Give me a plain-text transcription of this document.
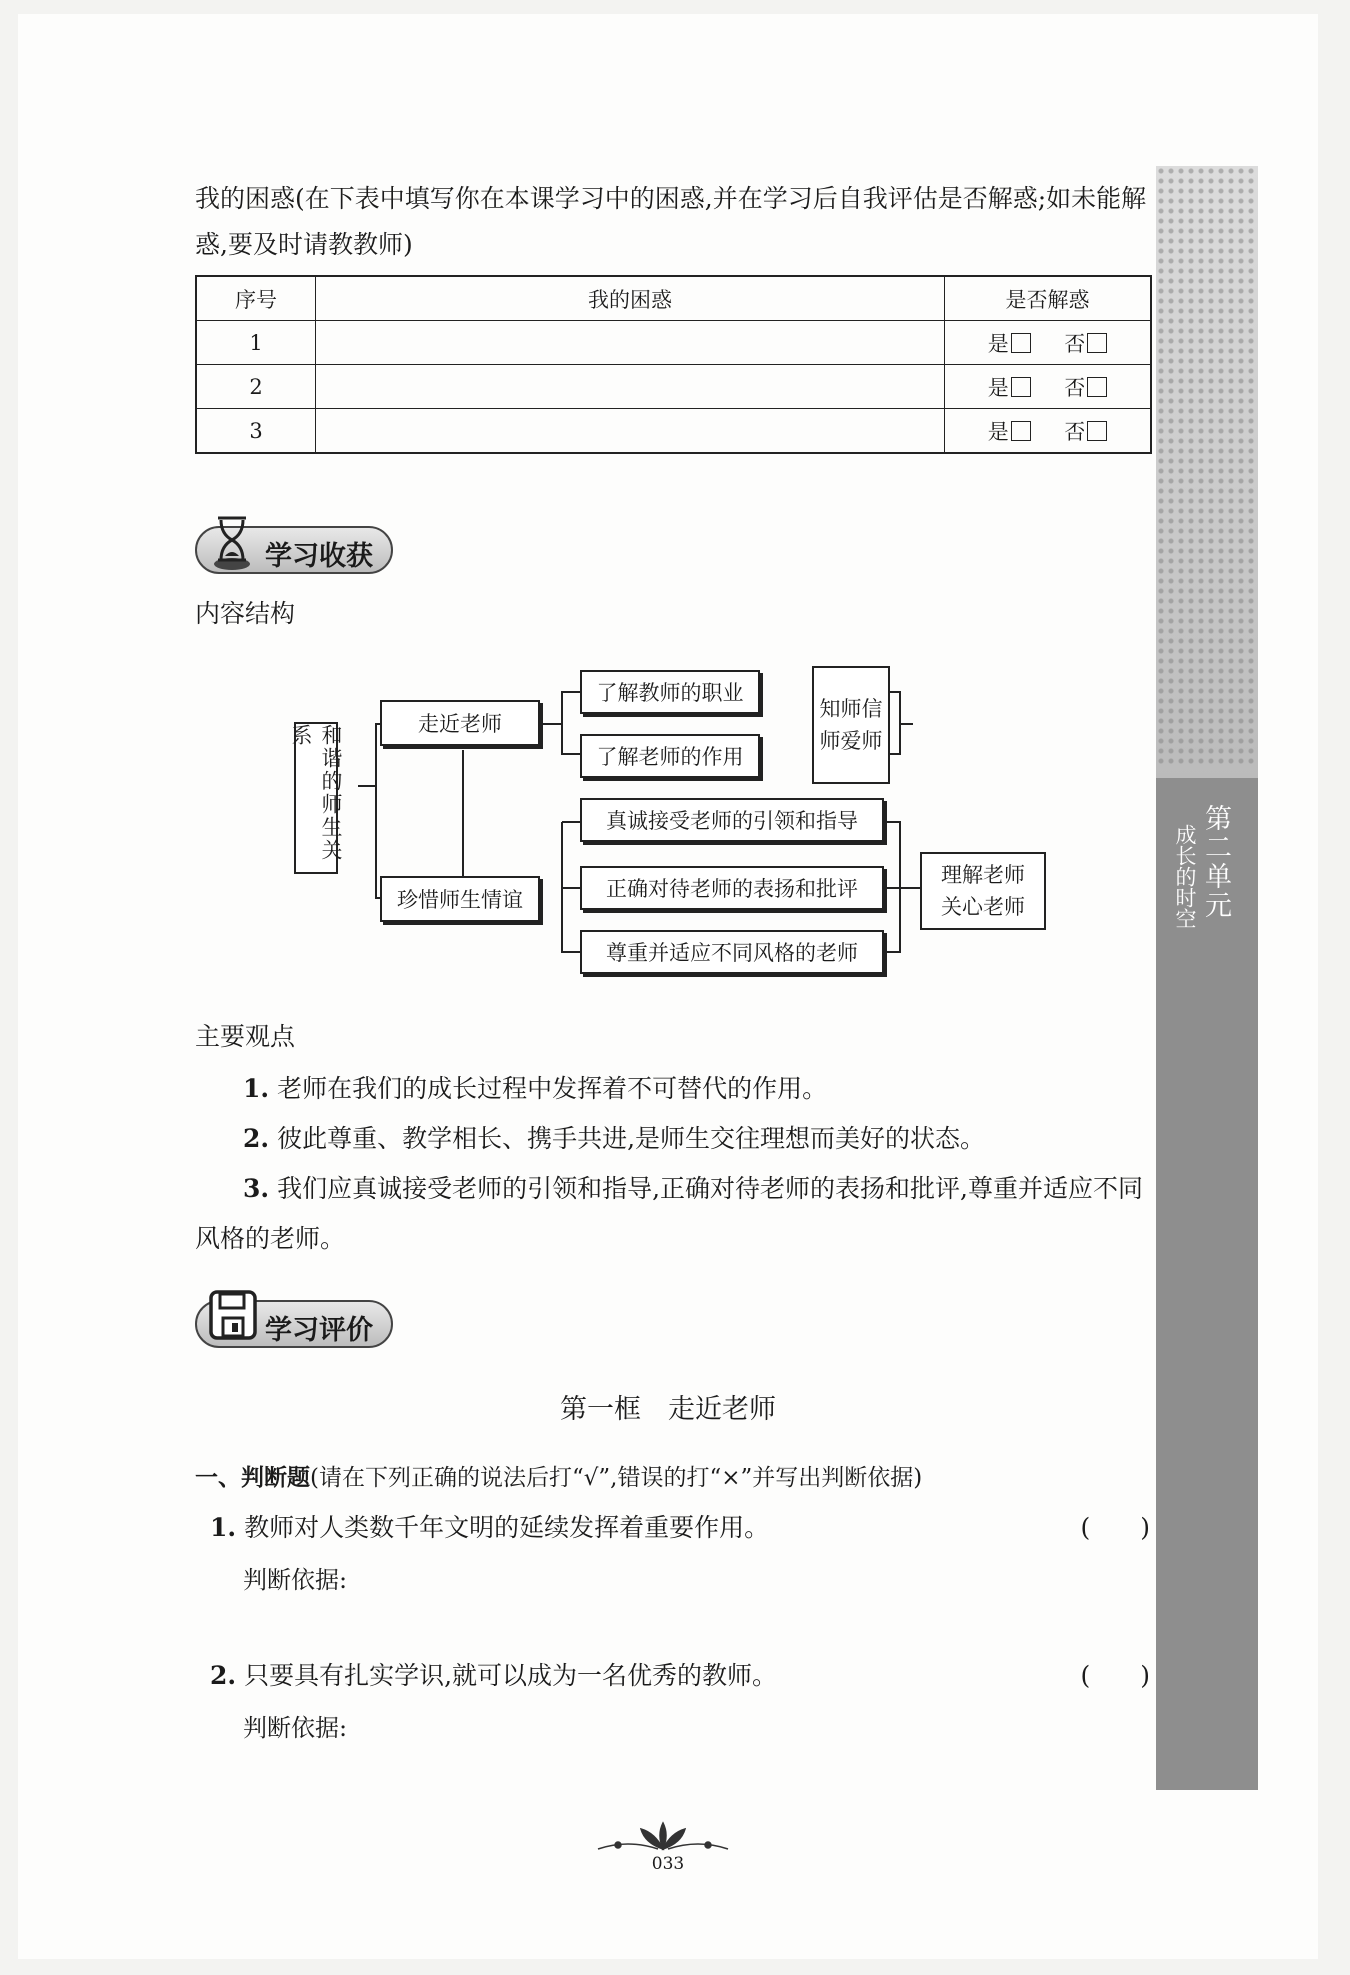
我的困惑(在下表中填写你在本课学习中的困惑,并在学习后自我评估是否解惑;如未能解惑,要及时请教教师)
序号	我的困惑	是否解惑
1		是 否
2		是 否
3		是 否
学习收获
内容结构
和谐的师生关系	走近老师
珍惜师生情谊
了解教师的职业
了解老师的作用
知师信师爱师
真诚接受老师的引领和指导
正确对待老师的表扬和批评
尊重并适应不同风格的老师
理解老师关心老师
主要观点
1. 老师在我们的成长过程中发挥着不可替代的作用。
2. 彼此尊重、教学相长、携手共进,是师生交往理想而美好的状态。
3. 我们应真诚接受老师的引领和指导,正确对待老师的表扬和批评,尊重并适应不同风格的老师。
学习评价
第一框　走近老师
一、判断题(请在下列正确的说法后打“√”,错误的打“×”并写出判断依据)
1. 教师对人类数千年文明的延续发挥着重要作用。	(　　)
判断依据:
2. 只要具有扎实学识,就可以成为一名优秀的教师。	(　　)
判断依据:
第二单元
成长的时空
033
